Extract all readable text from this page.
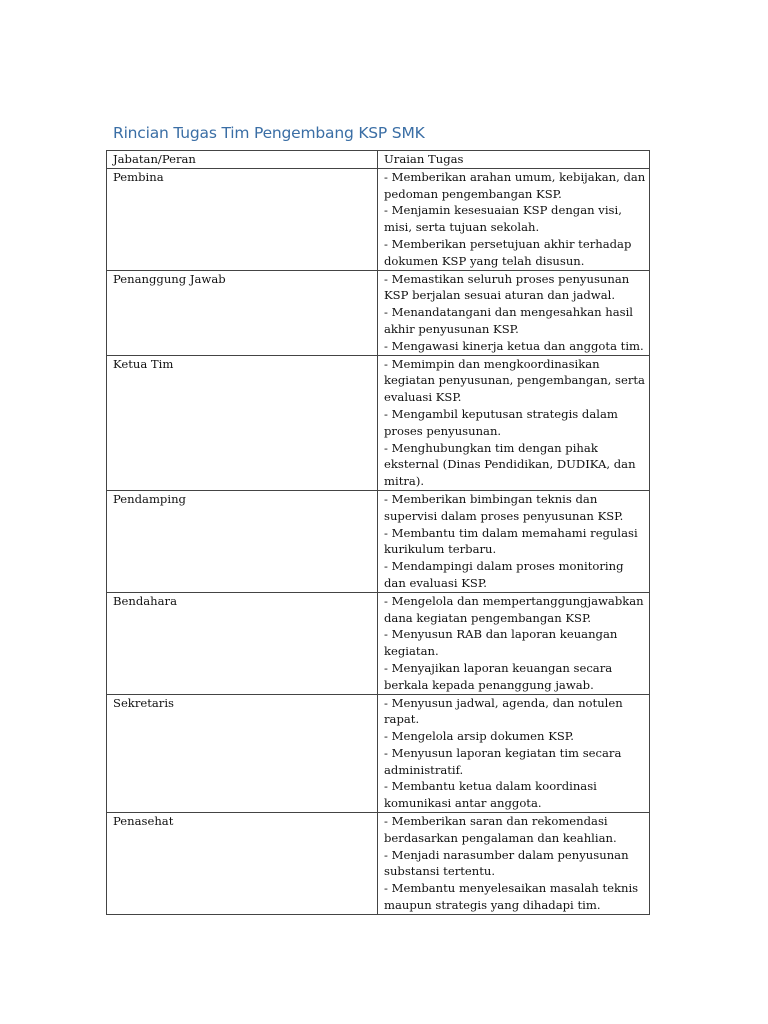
Rincian Tugas Tim Pengembang KSP SMK
Jabatan/Peran	Uraian Tugas
Pembina	- Memberikan arahan umum, kebijakan, dan pedoman pengembangan KSP.
- Menjamin kesesuaian KSP dengan visi, misi, serta tujuan sekolah.
- Memberikan persetujuan akhir terhadap dokumen KSP yang telah disusun.

Penanggung Jawab	- Memastikan seluruh proses penyusunan KSP berjalan sesuai aturan dan jadwal.
- Menandatangani dan mengesahkan hasil akhir penyusunan KSP.
- Mengawasi kinerja ketua dan anggota tim.

Ketua Tim	- Memimpin dan mengkoordinasikan kegiatan penyusunan, pengembangan, serta evaluasi KSP.
- Mengambil keputusan strategis dalam proses penyusunan.
- Menghubungkan tim dengan pihak eksternal (Dinas Pendidikan, DUDIKA, dan mitra).

Pendamping	- Memberikan bimbingan teknis dan supervisi dalam proses penyusunan KSP.
- Membantu tim dalam memahami regulasi kurikulum terbaru.
- Mendampingi dalam proses monitoring dan evaluasi KSP.

Bendahara	- Mengelola dan mempertanggungjawabkan dana kegiatan pengembangan KSP.
- Menyusun RAB dan laporan keuangan kegiatan.
- Menyajikan laporan keuangan secara berkala kepada penanggung jawab.

Sekretaris	- Menyusun jadwal, agenda, dan notulen rapat.
- Mengelola arsip dokumen KSP.
- Menyusun laporan kegiatan tim secara administratif.
- Membantu ketua dalam koordinasi komunikasi antar anggota.

Penasehat	- Memberikan saran dan rekomendasi berdasarkan pengalaman dan keahlian.
- Menjadi narasumber dalam penyusunan substansi tertentu.
- Membantu menyelesaikan masalah teknis maupun strategis yang dihadapi tim.
